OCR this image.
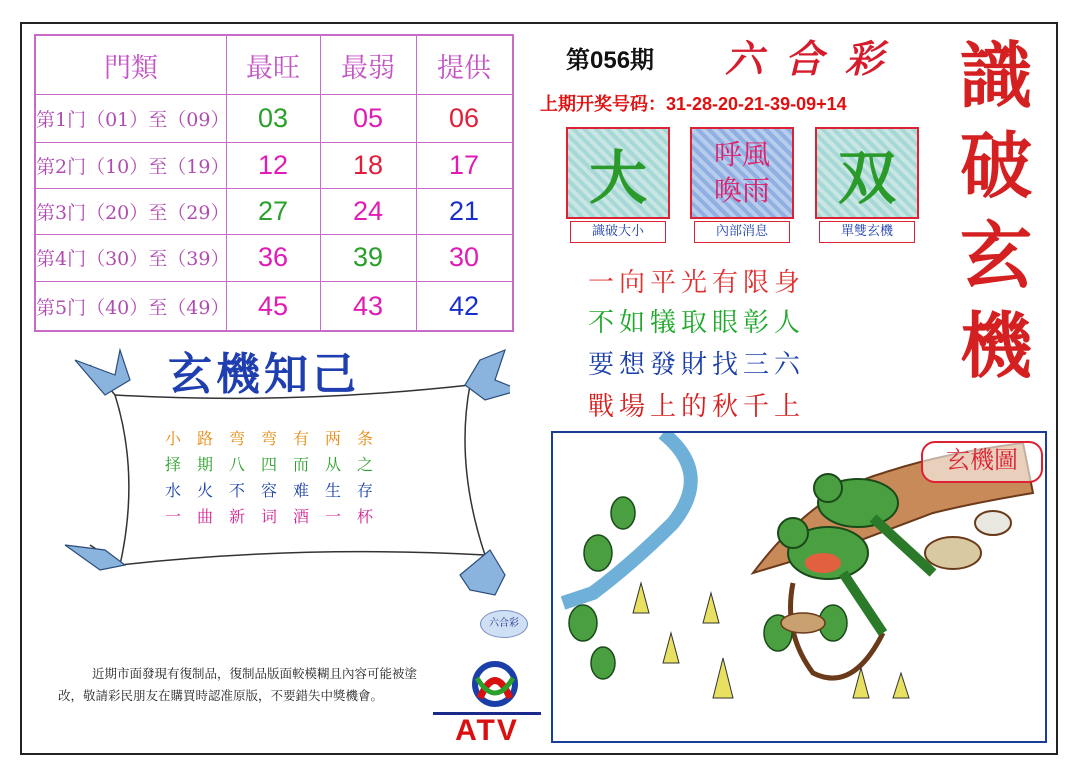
門類	最旺	最弱	提供
第1门（01）至（09）	03	05	06
第2门（10）至（19）	12	18	17
第3门（20）至（29）	27	24	21
第4门（30）至（39）	36	39	30
第5门（40）至（49）	45	43	42
第056期 六合彩
上期开奖号码：31-28-20-21-39-09+14 識
破
玄
機
大
識破大小
呼風
喚雨
內部消息
双
單雙玄機
一向平光有限身
不如犠取眼彰人
要想發財找三六
戰場上的秋千上
玄機知己
小路弯弯有两条
择期八四而从之
水火不容难生存
一曲新词酒一杯
六合彩
近期市面發現有復制品，復制品版面較模糊且內容可能被塗
改，敬請彩民朋友在購買時認准原版，不要錯失中獎機會。
ATV
玄機圖
